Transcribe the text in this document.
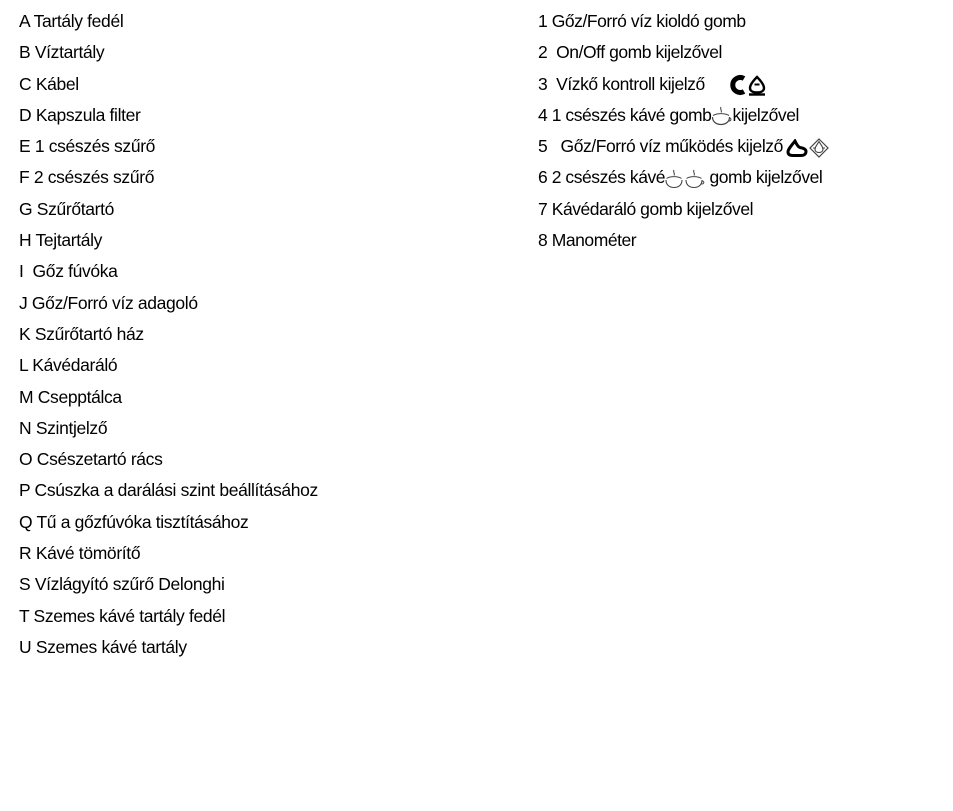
A Tartály fedél
B Víztartály
C Kábel
D Kapszula filter
E 1 csészés szűrő
F 2 csészés szűrő
G Szűrőtartó
H Tejtartály
I  Gőz fúvóka
J Gőz/Forró víz adagoló
K Szűrőtartó ház
L Kávédaráló
M Csepptálca
N Szintjelző
O Csészetartó rács
P Csúszka a darálási szint beállításához
Q Tű a gőzfúvóka tisztításához
R Kávé tömörítő
S Vízlágyító szűrő Delonghi
T Szemes kávé tartály fedél
U Szemes kávé tartály
1 Gőz/Forró víz kioldó gomb
2  On/Off gomb kijelzővel
3  Vízkő kontroll kijelző
4 1 csészés kávé gomb kijelzővel
5   Gőz/Forró víz működés kijelző
6 2 csészés kávé
gomb kijelzővel
7 Kávédaráló gomb kijelzővel
8 Manométer
